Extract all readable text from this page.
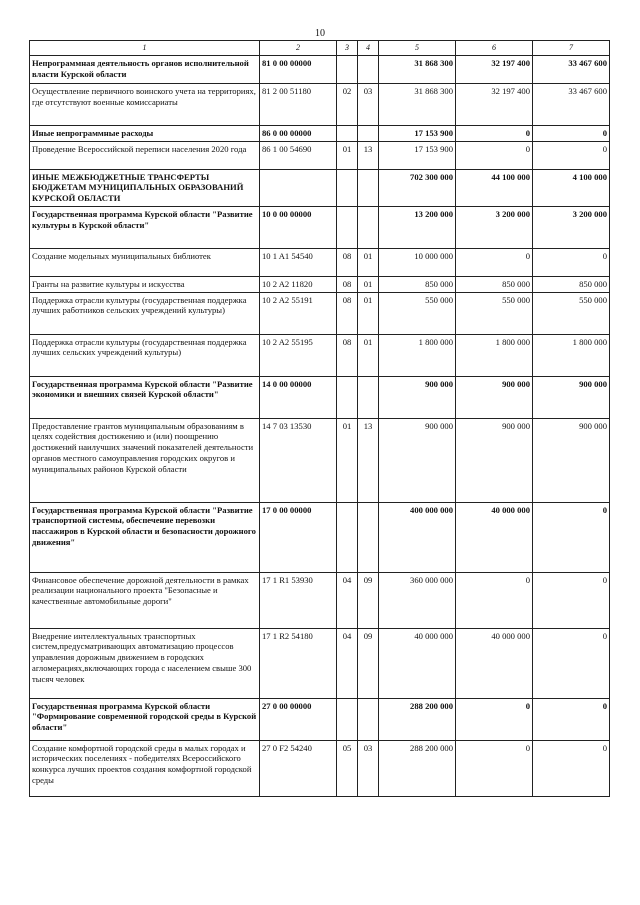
10
1	2	3	4	5	6	7
Непрограммная деятельность органов исполнительной власти Курской области	81 0 00 00000			31 868 300	32 197 400	33 467 600
Осуществление первичного воинского учета на территориях, где отсутствуют военные комиссариаты	81 2 00 51180	02	03	31 868 300	32 197 400	33 467 600
Иные непрограммные расходы	86 0 00 00000			17 153 900	0	0
Проведение Всероссийской переписи населения 2020 года	86 1 00 54690	01	13	17 153 900	0	0
ИНЫЕ МЕЖБЮДЖЕТНЫЕ ТРАНСФЕРТЫ БЮДЖЕТАМ МУНИЦИПАЛЬНЫХ ОБРАЗОВАНИЙ КУРСКОЙ ОБЛАСТИ				702 300 000	44 100 000	4 100 000
Государственная программа Курской области "Развитие культуры в Курской области"	10 0 00 00000			13 200 000	3 200 000	3 200 000
Создание модельных муниципальных библиотек	10 1 A1 54540	08	01	10 000 000	0	0
Гранты на развитие культуры и искусства	10 2 A2 11820	08	01	850 000	850 000	850 000
Поддержка отрасли культуры (государственная поддержка лучших работников сельских учреждений культуры)	10 2 A2 55191	08	01	550 000	550 000	550 000
Поддержка отрасли культуры (государственная поддержка лучших сельских учреждений культуры)	10 2 A2 55195	08	01	1 800 000	1 800 000	1 800 000
Государственная программа Курской области "Развитие экономики и внешних связей Курской области"	14 0 00 00000			900 000	900 000	900 000
Предоставление грантов муниципальным образованиям в целях содействия достижению и (или) поощрению достижений наилучших значений показателей деятельности органов местного самоуправления городских округов и муниципальных районов Курской области	14 7 03 13530	01	13	900 000	900 000	900 000
Государственная программа Курской области "Развитие транспортной системы, обеспечение перевозки пассажиров в Курской области и безопасности дорожного движения"	17 0 00 00000			400 000 000	40 000 000	0
Финансовое обеспечение дорожной деятельности в рамках реализации национального проекта "Безопасные и качественные автомобильные дороги"	17 1 R1 53930	04	09	360 000 000	0	0
Внедрение интеллектуальных транспортных систем,предусматривающих автоматизацию процессов управления дорожным движением в городских агломерациях,включающих города с населением свыше 300 тысяч человек	17 1 R2 54180	04	09	40 000 000	40 000 000	0
Государственная программа Курской области "Формирование современной городской среды в Курской области"	27 0 00 00000			288 200 000	0	0
Создание комфортной городской среды в малых городах и исторических поселениях - победителях Всероссийского конкурса лучших проектов создания комфортной городской среды	27 0 F2 54240	05	03	288 200 000	0	0
